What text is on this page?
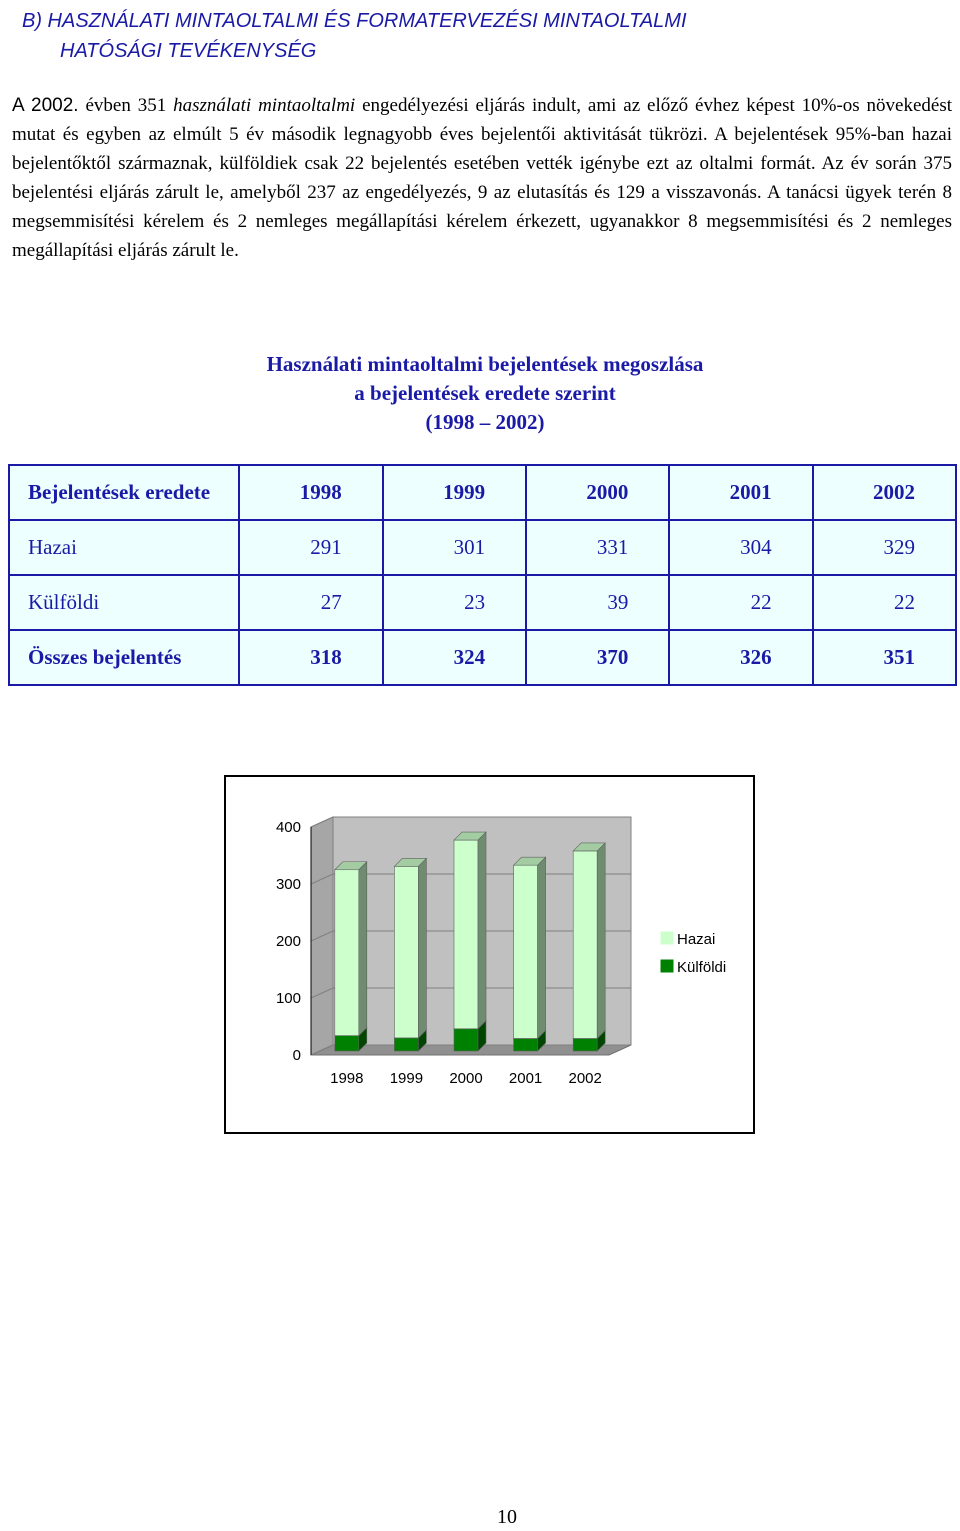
B) HASZNÁLATI MINTAOLTALMI ÉS FORMATERVEZÉSI MINTAOLTALMI
HATÓSÁGI TEVÉKENYSÉG
A 2002. évben 351 használati mintaoltalmi engedélyezési eljárás indult, ami az előző évhez képest 10%-os növekedést mutat és egyben az elmúlt 5 év második legnagyobb éves bejelentői aktivitását tükrözi. A bejelentések 95%-ban hazai bejelentőktől származnak, külföldiek csak 22 bejelentés esetében vették igénybe ezt az oltalmi formát. Az év során 375 bejelentési eljárás zárult le, amelyből 237 az engedélyezés, 9 az elutasítás és 129 a visszavonás. A tanácsi ügyek terén 8 megsemmisítési kérelem és 2 nemleges megállapítási kérelem érkezett, ugyanakkor 8 megsemmisítési és 2 nemleges megállapítási eljárás zárult le.
Használati mintaoltalmi bejelentések megoszlása
a bejelentések eredete szerint
(1998 – 2002)
Bejelentések eredete	1998	1999	2000	2001	2002
Hazai	291	301	331	304	329
Külföldi	27	23	39	22	22
Összes bejelentés	318	324	370	326	351
0
100
200
300
400
1998 1999 2000 2001 2002
Hazai
Külföldi
10
